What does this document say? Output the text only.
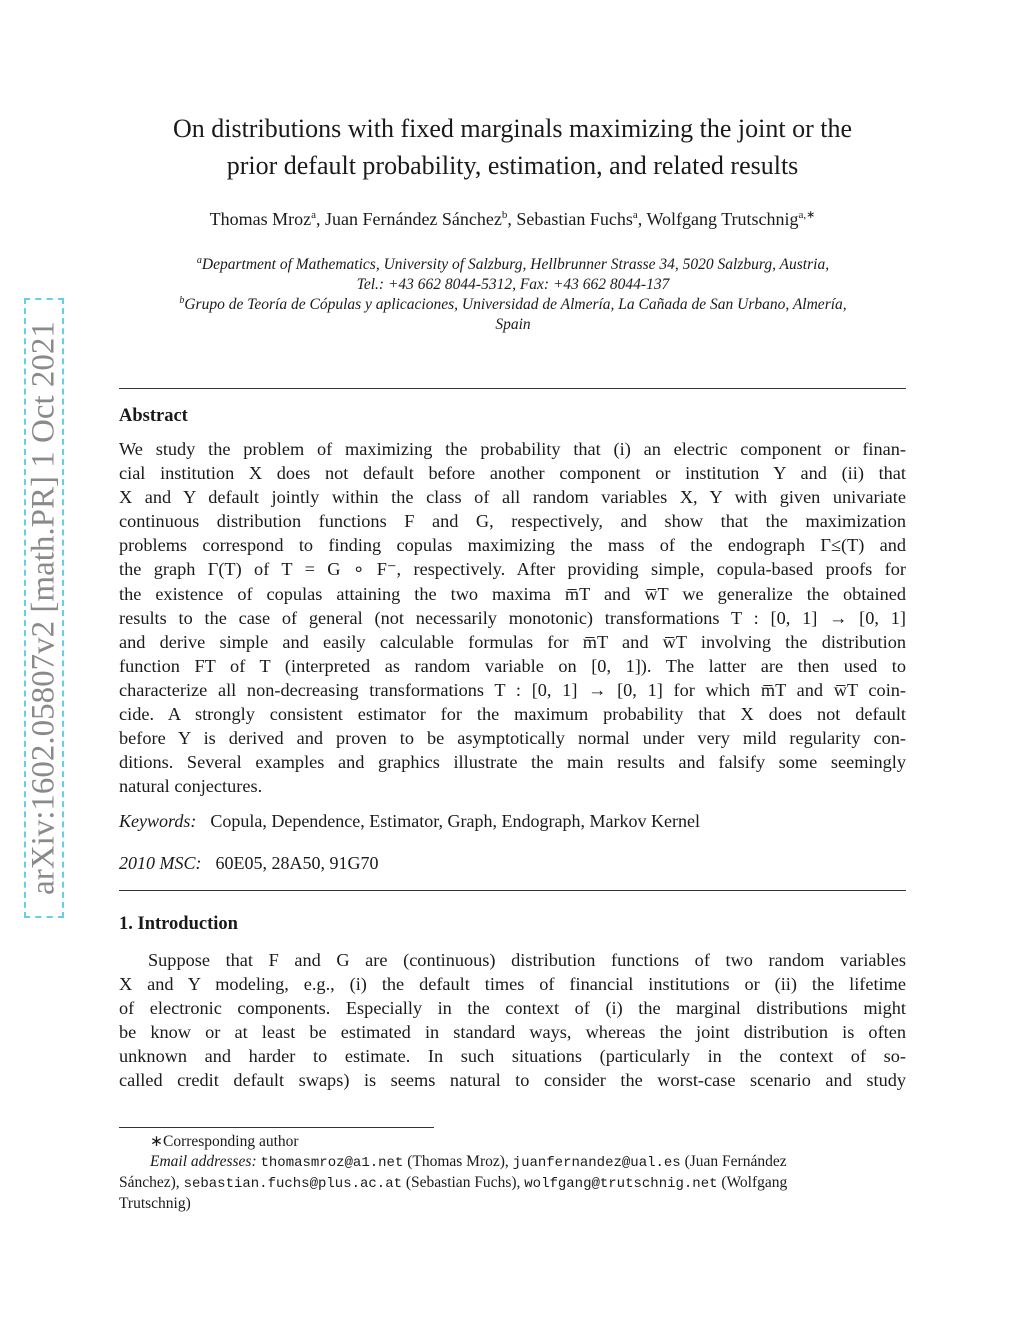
arXiv:1602.05807v2 [math.PR] 1 Oct 2021
On distributions with fixed marginals maximizing the joint or the
prior default probability, estimation, and related results
Thomas Mroz$^a$, Juan Fernández Sánchez$^b$, Sebastian Fuchs$^a$, Wolfgang Trutschnig$^{a,∗}$
$^a$Department of Mathematics, University of Salzburg, Hellbrunner Strasse 34, 5020 Salzburg, Austria,
Tel.: +43 662 8044-5312, Fax: +43 662 8044-137
$^b$Grupo de Teoría de Cópulas y aplicaciones, Universidad de Almería, La Cañada de San Urbano, Almería,
Spain
Abstract
We study the problem of maximizing the probability that (i) an electric component or finan-
cial institution X does not default before another component or institution Y and (ii) that
X and Y default jointly within the class of all random variables X, Y with given univariate
continuous distribution functions F and G, respectively, and show that the maximization
problems correspond to finding copulas maximizing the mass of the endograph Γ≤(T) and
the graph Γ(T) of T = G ∘ F⁻, respectively. After providing simple, copula-based proofs for
the existence of copulas attaining the two maxima m̅T and w̅T we generalize the obtained
results to the case of general (not necessarily monotonic) transformations T : [0, 1] → [0, 1]
and derive simple and easily calculable formulas for m̅T and w̅T involving the distribution
function FT of T (interpreted as random variable on [0, 1]). The latter are then used to
characterize all non-decreasing transformations T : [0, 1] → [0, 1] for which m̅T and w̅T coin-
cide. A strongly consistent estimator for the maximum probability that X does not default
before Y is derived and proven to be asymptotically normal under very mild regularity con-
ditions. Several examples and graphics illustrate the main results and falsify some seemingly
natural conjectures.
Keywords: Copula, Dependence, Estimator, Graph, Endograph, Markov Kernel
2010 MSC: 60E05, 28A50, 91G70
1. Introduction
Suppose that F and G are (continuous) distribution functions of two random variables
X and Y modeling, e.g., (i) the default times of financial institutions or (ii) the lifetime
of electronic components. Especially in the context of (i) the marginal distributions might
be know or at least be estimated in standard ways, whereas the joint distribution is often
unknown and harder to estimate. In such situations (particularly in the context of so-
called credit default swaps) is seems natural to consider the worst-case scenario and study
∗Corresponding author
Email addresses: thomasmroz@a1.net (Thomas Mroz), juanfernandez@ual.es (Juan Fernández
Sánchez), sebastian.fuchs@plus.ac.at (Sebastian Fuchs), wolfgang@trutschnig.net (Wolfgang
Trutschnig)
